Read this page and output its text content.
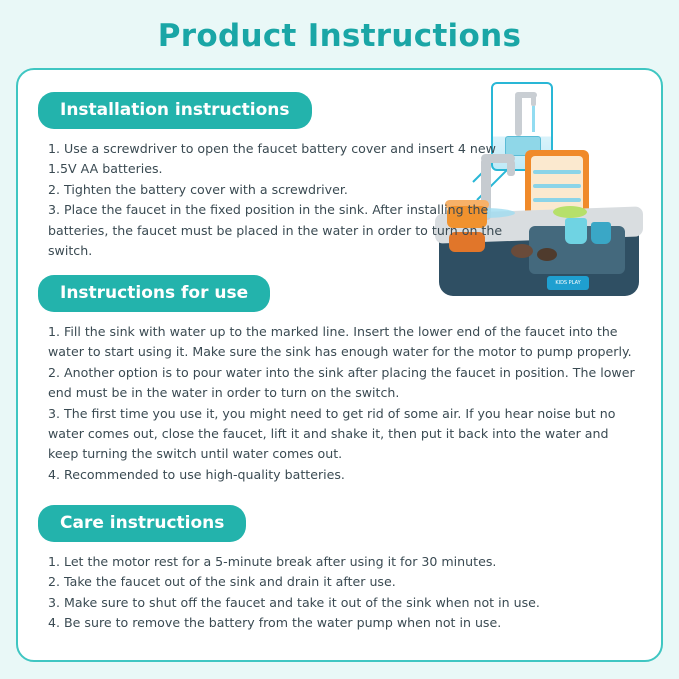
Product Instructions
KIDS PLAY
Installation instructions

1. Use a screwdriver to open the faucet battery cover and insert 4 new 1.5V AA batteries.

2. Tighten the battery cover with a screwdriver.

3. Place the faucet in the fixed position in the sink. After installing the batteries, the faucet must be placed in the water in order to turn on the switch.

Instructions for use

1. Fill the sink with water up to the marked line. Insert the lower end of the faucet into the water to start using it. Make sure the sink has enough water for the motor to pump properly.

2. Another option is to pour water into the sink after placing the faucet in position. The lower end must be in the water in order to turn on the switch.

3. The first time you use it, you might need to get rid of some air. If you hear noise but no water comes out, close the faucet, lift it and shake it, then put it back into the water and keep turning the switch until water comes out.

4. Recommended to use high-quality batteries.

Care instructions

1. Let the motor rest for a 5-minute break after using it for 30 minutes.

2. Take the faucet out of the sink and drain it after use.

3. Make sure to shut off the faucet and take it out of the sink when not in use.

4. Be sure to remove the battery from the water pump when not in use.
